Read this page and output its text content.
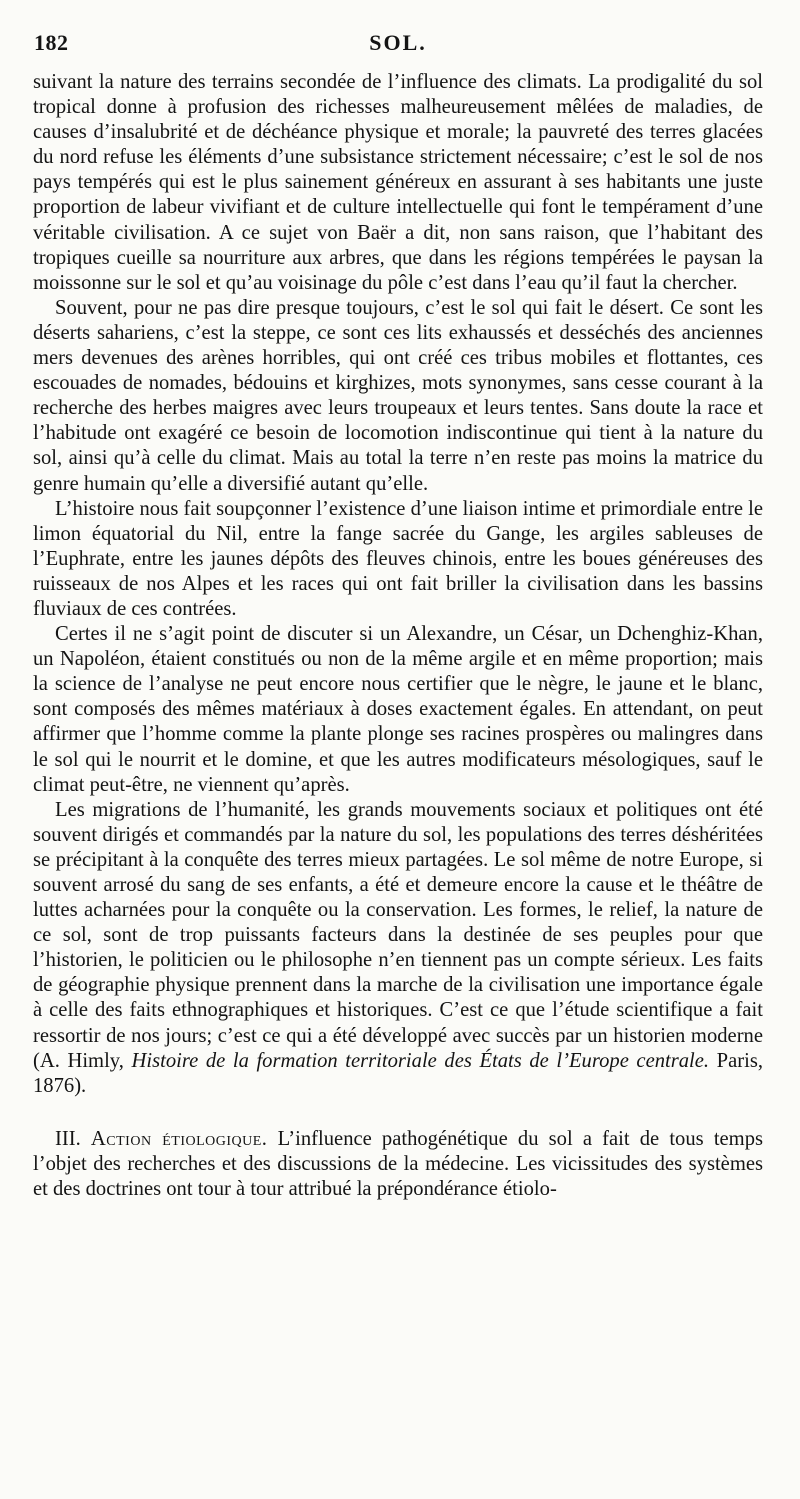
182	SOL.

suivant la nature des terrains secondée de l’influence des climats. La prodigalité du sol tropical donne à profusion des richesses malheureusement mêlées de maladies, de causes d’insalubrité et de déchéance physique et morale; la pauvreté des terres glacées du nord refuse les éléments d’une subsistance strictement nécessaire; c’est le sol de nos pays tempérés qui est le plus sainement généreux en assurant à ses habitants une juste proportion de labeur vivifiant et de culture intellectuelle qui font le tempérament d’une véritable civilisation. A ce sujet von Baër a dit, non sans raison, que l’habitant des tropiques cueille sa nourriture aux arbres, que dans les régions tempérées le paysan la moissonne sur le sol et qu’au voisinage du pôle c’est dans l’eau qu’il faut la chercher.

Souvent, pour ne pas dire presque toujours, c’est le sol qui fait le désert. Ce sont les déserts sahariens, c’est la steppe, ce sont ces lits exhaussés et desséchés des anciennes mers devenues des arènes horribles, qui ont créé ces tribus mobiles et flottantes, ces escouades de nomades, bédouins et kirghizes, mots synonymes, sans cesse courant à la recherche des herbes maigres avec leurs troupeaux et leurs tentes. Sans doute la race et l’habitude ont exagéré ce besoin de locomotion indiscontinue qui tient à la nature du sol, ainsi qu’à celle du climat. Mais au total la terre n’en reste pas moins la matrice du genre humain qu’elle a diversifié autant qu’elle.

L’histoire nous fait soupçonner l’existence d’une liaison intime et primordiale entre le limon équatorial du Nil, entre la fange sacrée du Gange, les argiles sableuses de l’Euphrate, entre les jaunes dépôts des fleuves chinois, entre les boues généreuses des ruisseaux de nos Alpes et les races qui ont fait briller la civilisation dans les bassins fluviaux de ces contrées.

Certes il ne s’agit point de discuter si un Alexandre, un César, un Dchenghiz-Khan, un Napoléon, étaient constitués ou non de la même argile et en même proportion; mais la science de l’analyse ne peut encore nous certifier que le nègre, le jaune et le blanc, sont composés des mêmes matériaux à doses exactement égales. En attendant, on peut affirmer que l’homme comme la plante plonge ses racines prospères ou malingres dans le sol qui le nourrit et le domine, et que les autres modificateurs mésologiques, sauf le climat peut-être, ne viennent qu’après.

Les migrations de l’humanité, les grands mouvements sociaux et politiques ont été souvent dirigés et commandés par la nature du sol, les populations des terres déshéritées se précipitant à la conquête des terres mieux partagées. Le sol même de notre Europe, si souvent arrosé du sang de ses enfants, a été et demeure encore la cause et le théâtre de luttes acharnées pour la conquête ou la conservation. Les formes, le relief, la nature de ce sol, sont de trop puissants facteurs dans la destinée de ses peuples pour que l’historien, le politicien ou le philosophe n’en tiennent pas un compte sérieux. Les faits de géographie physique prennent dans la marche de la civilisation une importance égale à celle des faits ethnographiques et historiques. C’est ce que l’étude scientifique a fait ressortir de nos jours; c’est ce qui a été développé avec succès par un historien moderne (A. Himly, Histoire de la formation territoriale des États de l’Europe centrale. Paris, 1876).

III. Action étiologique. L’influence pathogénétique du sol a fait de tous temps l’objet des recherches et des discussions de la médecine. Les vicissitudes des systèmes et des doctrines ont tour à tour attribué la prépondérance étiolo-
